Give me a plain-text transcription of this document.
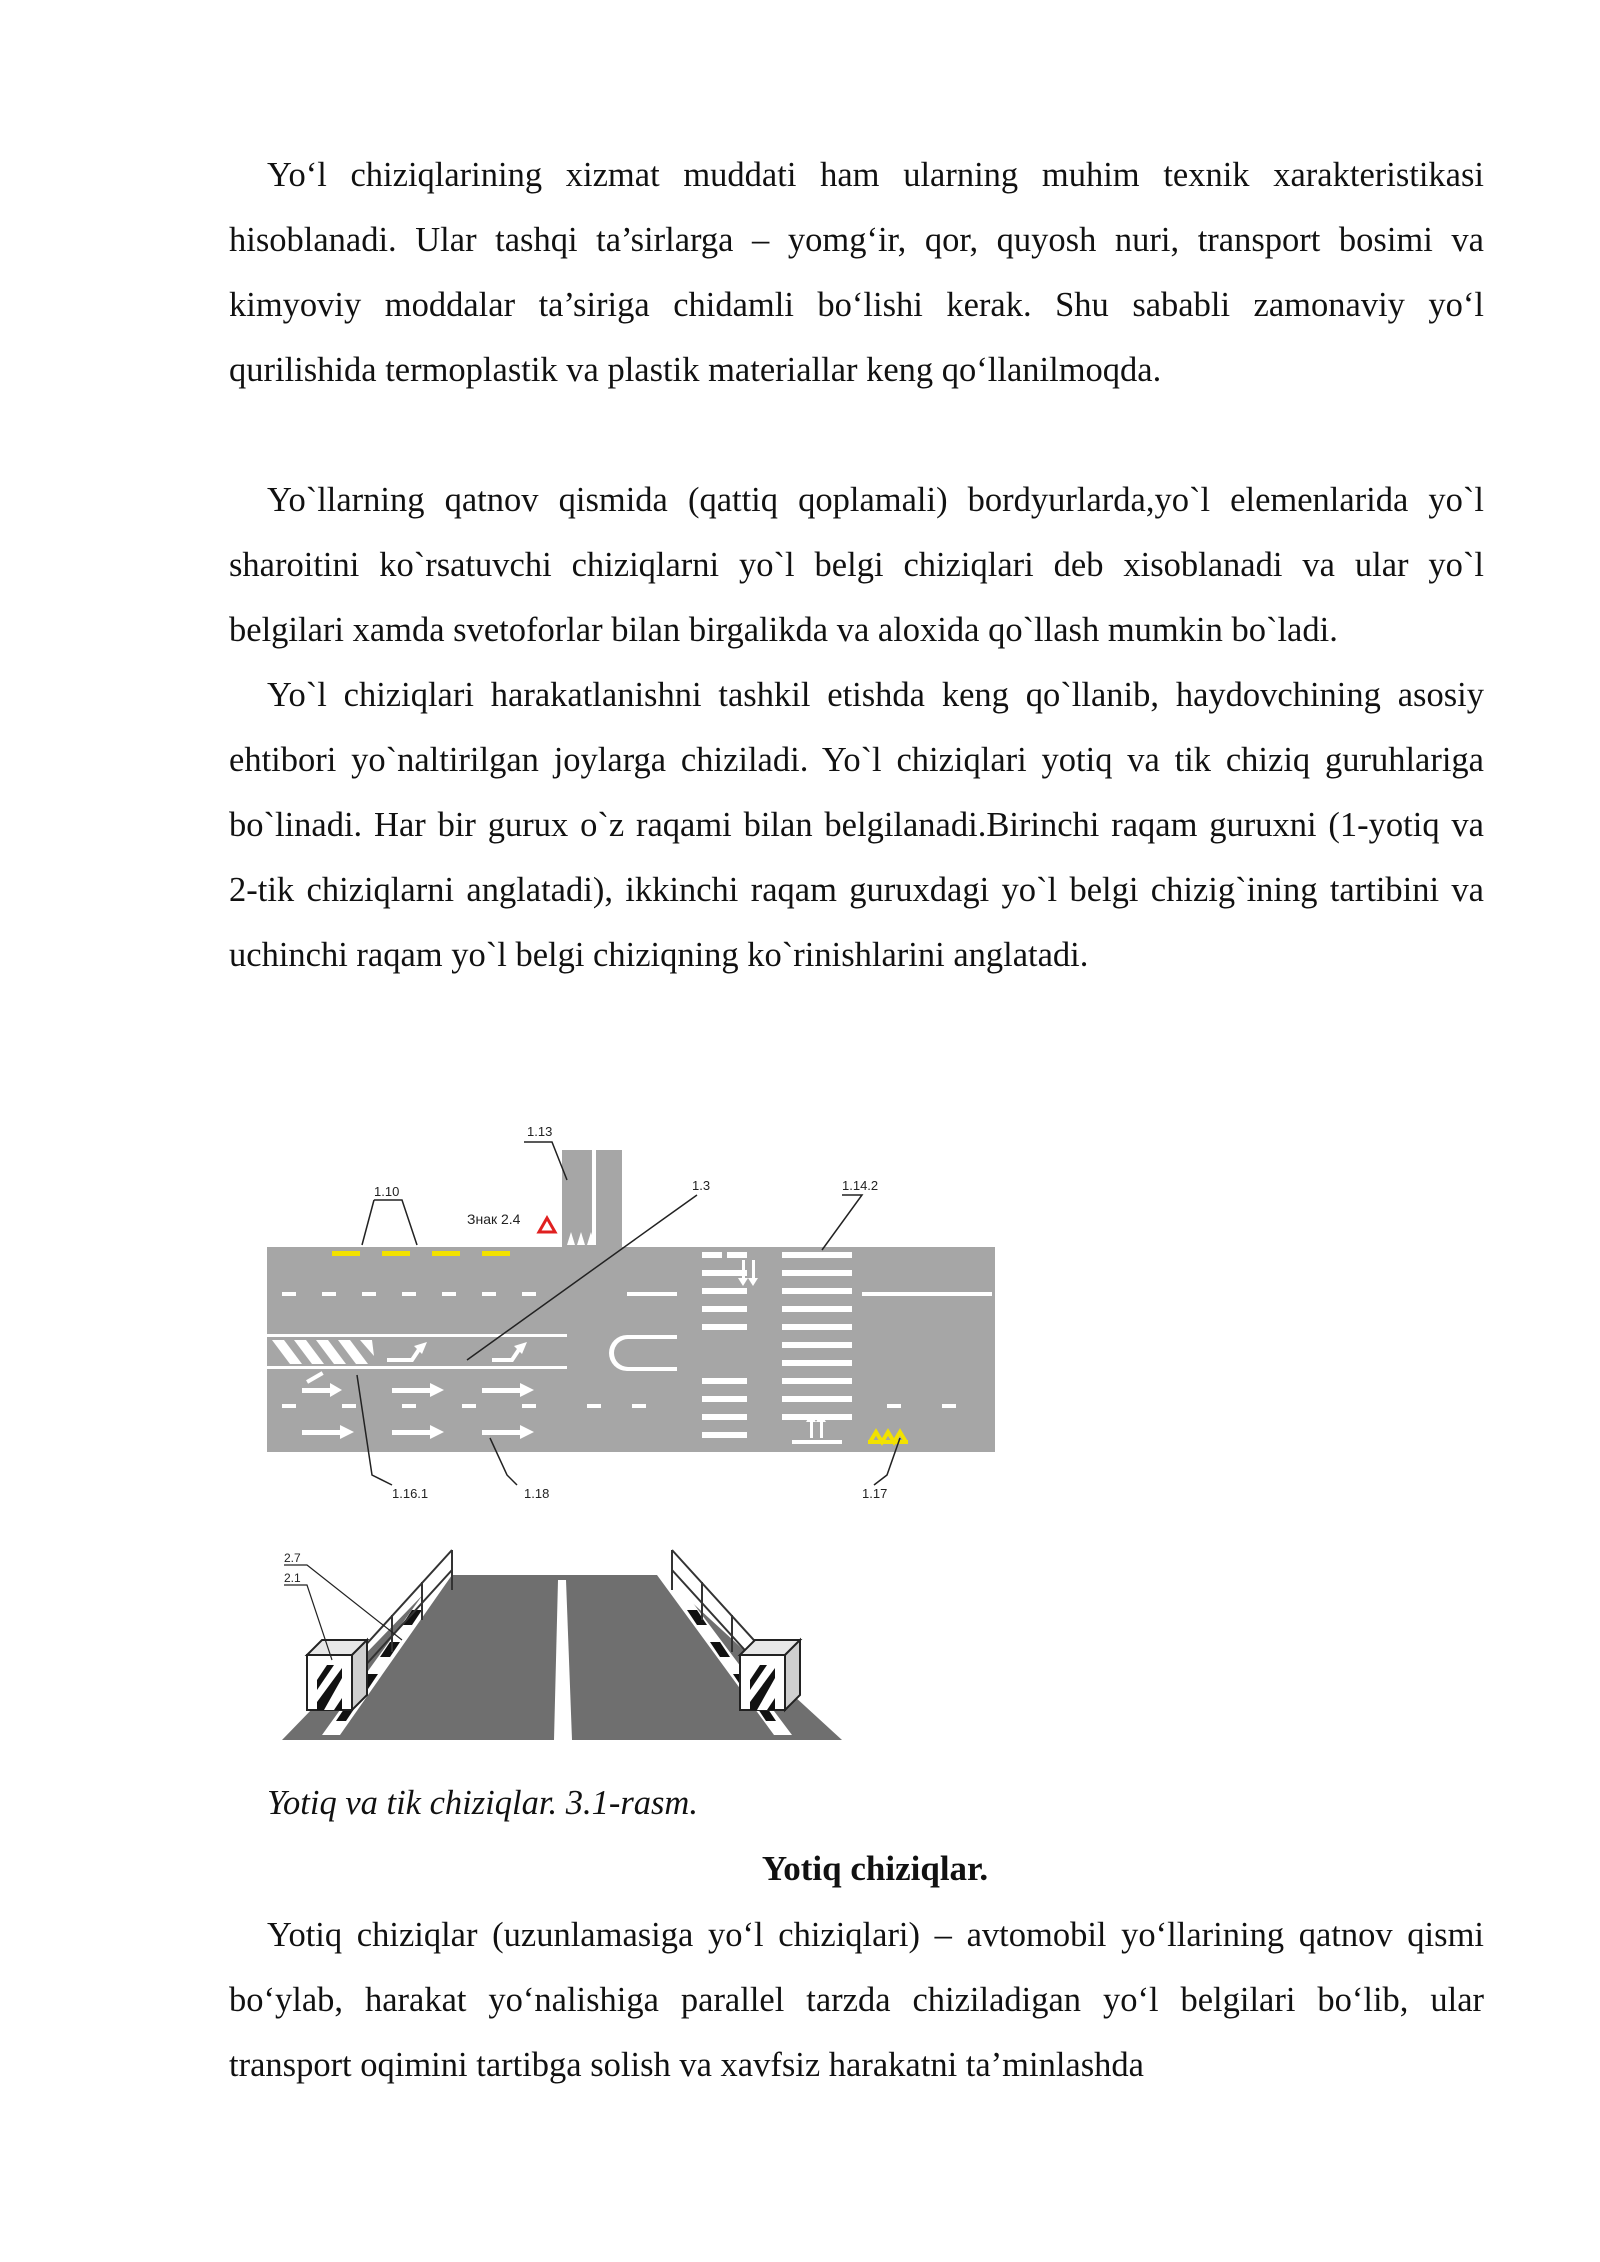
Yo‘l chiziqlarining xizmat muddati ham ularning muhim texnik xarakteristikasi hisoblanadi. Ular tashqi ta’sirlarga – yomg‘ir, qor, quyosh nuri, transport bosimi va kimyoviy moddalar ta’siriga chidamli bo‘lishi kerak. Shu sababli zamonaviy yo‘l qurilishida termoplastik va plastik materiallar keng qo‘llanilmoqda.

Yo`llarning qatnov qismida (qattiq qoplamali) bordyurlarda,yo`l elemenlarida yo`l sharoitini ko`rsatuvchi chiziqlarni yo`l belgi chiziqlari deb xisoblanadi va ular yo`l belgilari xamda svetoforlar bilan birgalikda va aloxida qo`llash mumkin bo`ladi.

Yo`l chiziqlari harakatlanishni tashkil etishda keng qo`llanib, haydovchining asosiy ehtibori yo`naltirilgan joylarga chiziladi. Yo`l chiziqlari yotiq va tik chiziq guruhlariga bo`linadi. Har bir gurux o`z raqami bilan belgilanadi.Birinchi raqam guruxni (1-yotiq va 2-tik chiziqlarni anglatadi), ikkinchi raqam guruxdagi yo`l belgi chizig`ining tartibini va uchinchi raqam yo`l belgi chiziqning ko`rinishlarini anglatadi.

1.13
1.10
Знак 2.4
1.3	1.14.2
1.16.1	1.18	1.17
2.7
2.1
Yotiq va tik chiziqlar. 3.1-rasm.
Yotiq chiziqlar.

Yotiq chiziqlar (uzunlamasiga yo‘l chiziqlari) – avtomobil yo‘llarining qatnov qismi bo‘ylab, harakat yo‘nalishiga parallel tarzda chiziladigan yo‘l belgilari bo‘lib, ular transport oqimini tartibga solish va xavfsiz harakatni ta’minlashda
